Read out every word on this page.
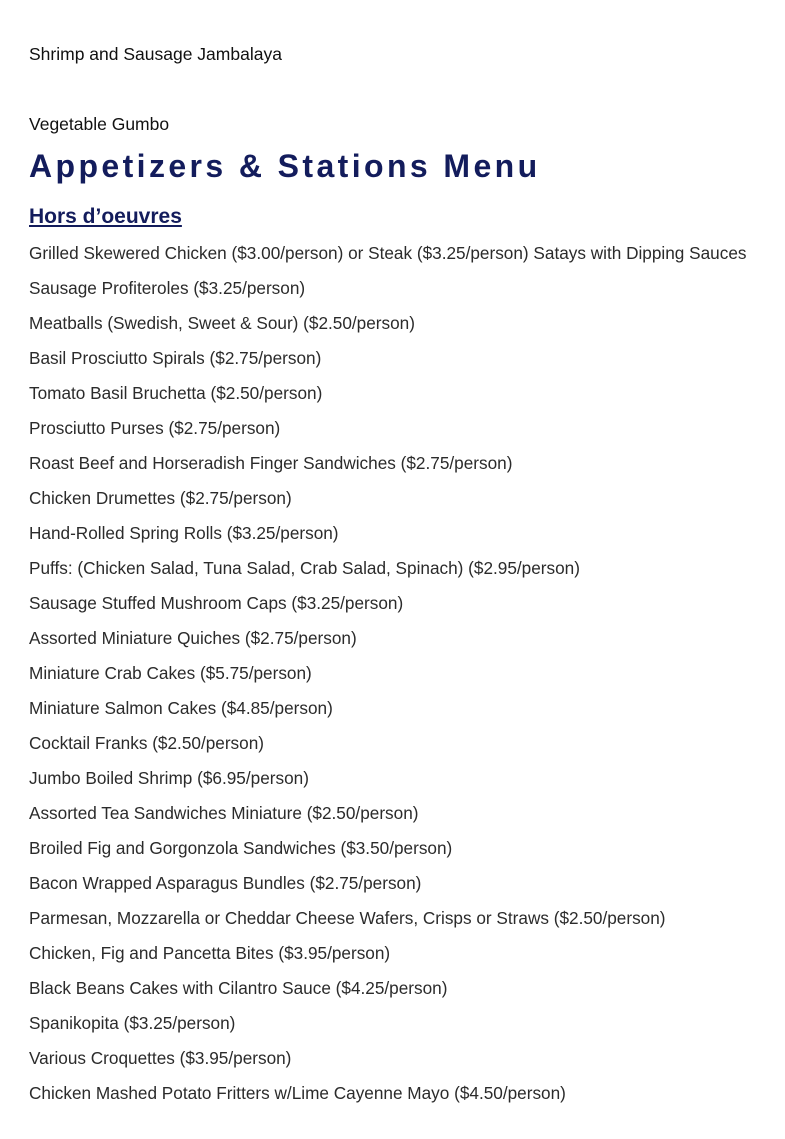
Shrimp and Sausage Jambalaya

Vegetable Gumbo

Appetizers & Stations Menu
Hors d’oeuvres
Grilled Skewered Chicken ($3.00/person) or Steak ($3.25/person) Satays with Dipping Sauces
Sausage Profiteroles ($3.25/person)
Meatballs (Swedish, Sweet & Sour) ($2.50/person)
Basil Prosciutto Spirals ($2.75/person)
Tomato Basil Bruchetta ($2.50/person)
Prosciutto Purses ($2.75/person)
Roast Beef and Horseradish Finger Sandwiches ($2.75/person)
Chicken Drumettes ($2.75/person)
Hand-Rolled Spring Rolls ($3.25/person)
Puffs: (Chicken Salad, Tuna Salad, Crab Salad, Spinach) ($2.95/person)
Sausage Stuffed Mushroom Caps ($3.25/person)
Assorted Miniature Quiches ($2.75/person)
Miniature Crab Cakes ($5.75/person)
Miniature Salmon Cakes ($4.85/person)
Cocktail Franks ($2.50/person)
Jumbo Boiled Shrimp ($6.95/person)
Assorted Tea Sandwiches Miniature ($2.50/person)
Broiled Fig and Gorgonzola Sandwiches ($3.50/person)
Bacon Wrapped Asparagus Bundles ($2.75/person)
Parmesan, Mozzarella or Cheddar Cheese Wafers, Crisps or Straws ($2.50/person)
Chicken, Fig and Pancetta Bites ($3.95/person)
Black Beans Cakes with Cilantro Sauce ($4.25/person)
Spanikopita ($3.25/person)
Various Croquettes ($3.95/person)
Chicken Mashed Potato Fritters w/Lime Cayenne Mayo ($4.50/person)
